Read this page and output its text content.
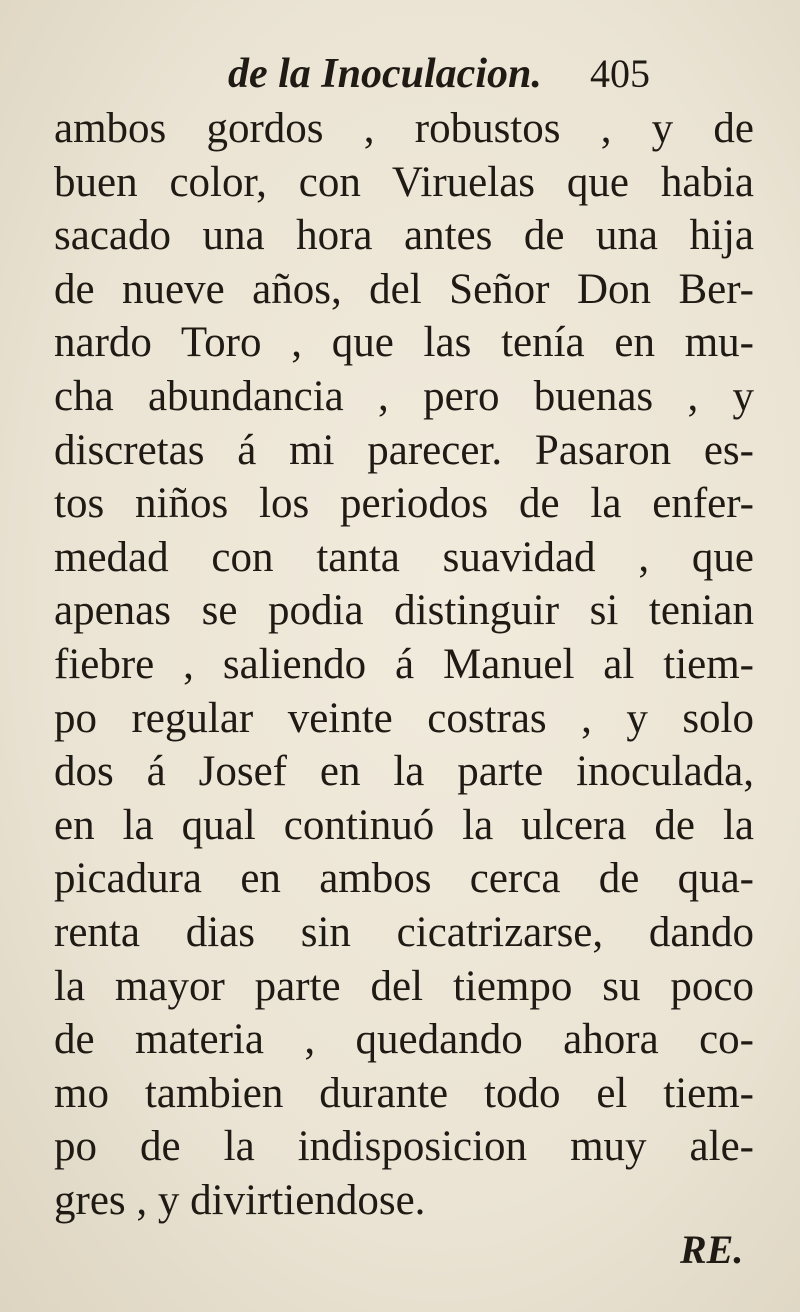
de la Inoculacion. 405
ambos gordos , robustos , y de
buen color, con Viruelas que habia
sacado una hora antes de una hija
de nueve años, del Señor Don Ber-
nardo Toro , que las tenía en mu-
cha abundancia , pero buenas , y
discretas á mi parecer. Pasaron es-
tos niños los periodos de la enfer-
medad con tanta suavidad , que
apenas se podia distinguir si tenian
fiebre , saliendo á Manuel al tiem-
po regular veinte costras , y solo
dos á Josef en la parte inoculada,
en la qual continuó la ulcera de la
picadura en ambos cerca de qua-
renta dias sin cicatrizarse, dando
la mayor parte del tiempo su poco
de materia , quedando ahora co-
mo tambien durante todo el tiem-
po de la indisposicion muy ale-
gres , y divirtiendose.
RE.
